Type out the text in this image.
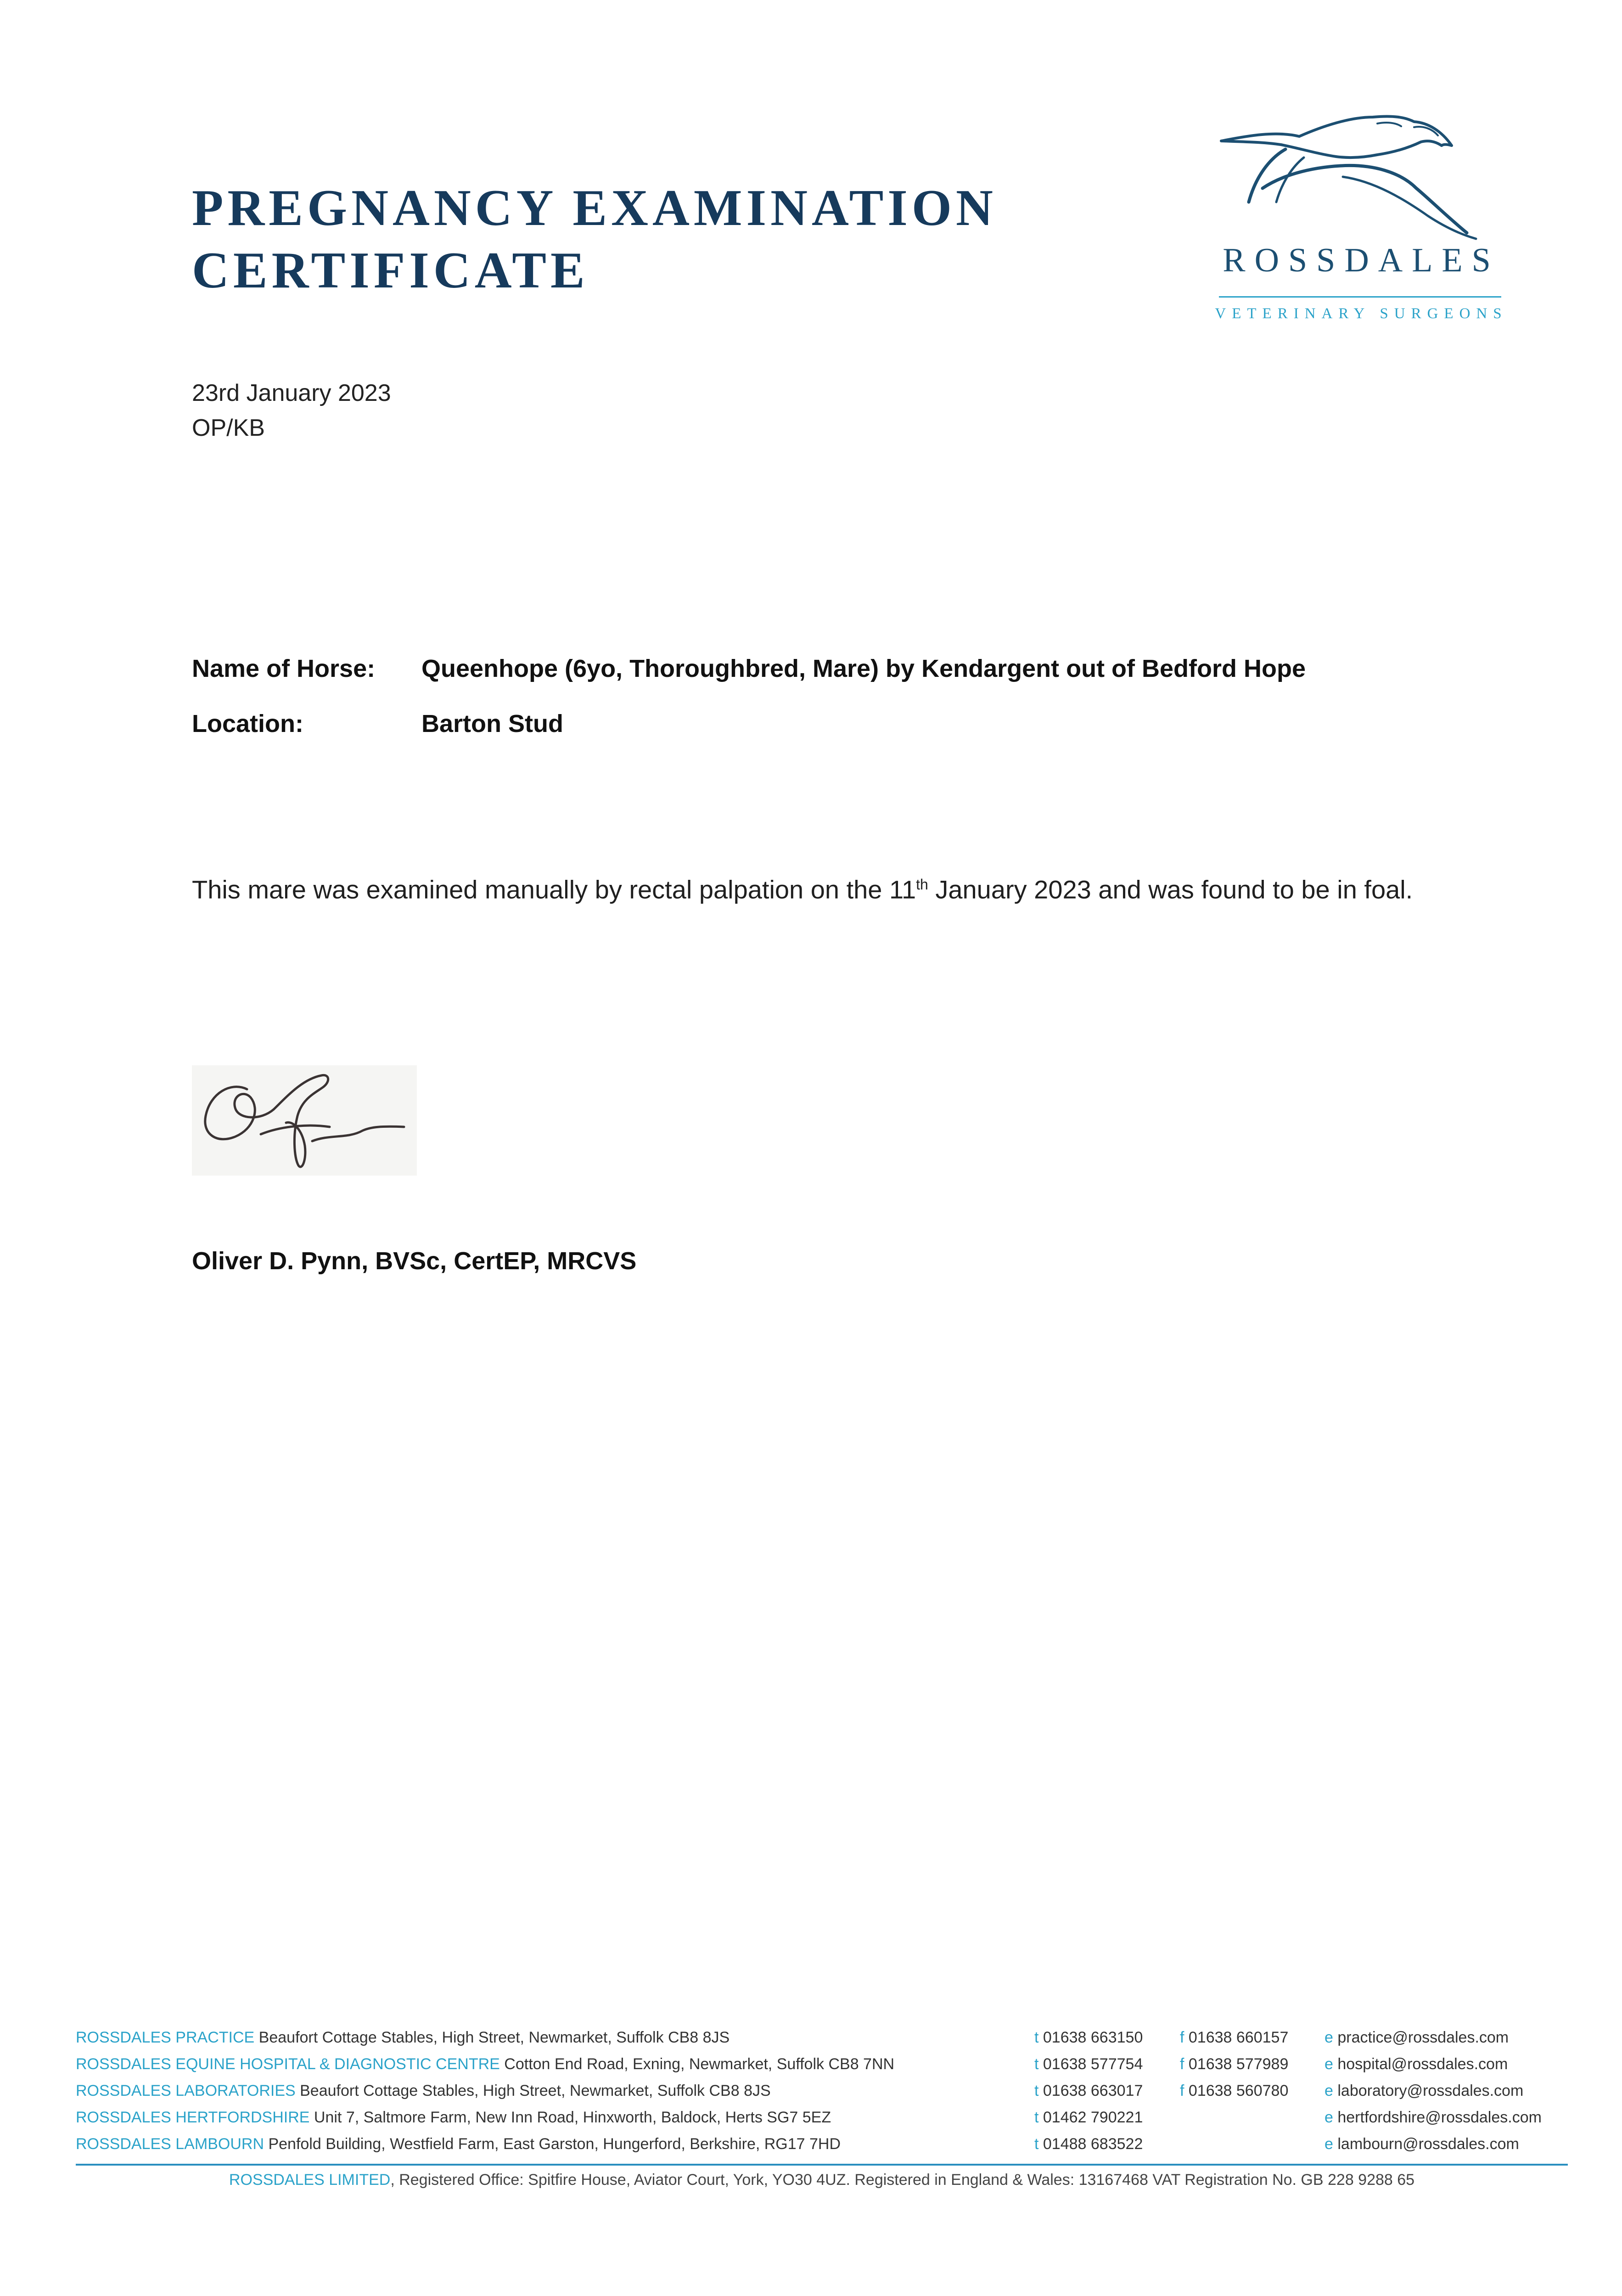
PREGNANCY EXAMINATION
CERTIFICATE	ROSSDALES
VETERINARY SURGEONS
23rd January 2023
OP/KB
Name of Horse: Queenhope (6yo, Thoroughbred, Mare) by Kendargent out of Bedford Hope
Location:	Barton Stud

This mare was examined manually by rectal palpation on the 11th January 2023 and was found to be in foal.

Oliver D. Pynn, BVSc, CertEP, MRCVS
ROSSDALES PRACTICE Beaufort Cottage Stables, High Street, Newmarket, Suffolk CB8 8JS	t 01638 663150 f 01638 660157 e practice@rossdales.com
ROSSDALES EQUINE HOSPITAL & DIAGNOSTIC CENTRE Cotton End Road, Exning, Newmarket, Suffolk CB8 7NN	t 01638 577754 f 01638 577989 e hospital@rossdales.com
ROSSDALES LABORATORIES Beaufort Cottage Stables, High Street, Newmarket, Suffolk CB8 8JS	t 01638 663017 f 01638 560780 e laboratory@rossdales.com
ROSSDALES HERTFORDSHIRE Unit 7, Saltmore Farm, New Inn Road, Hinxworth, Baldock, Herts SG7 5EZ	t 01462 790221	e hertfordshire@rossdales.com
ROSSDALES LAMBOURN Penfold Building, Westfield Farm, East Garston, Hungerford, Berkshire, RG17 7HD	t 01488 683522	e lambourn@rossdales.com
ROSSDALES LIMITED, Registered Office: Spitfire House, Aviator Court, York, YO30 4UZ. Registered in England & Wales: 13167468 VAT Registration No. GB 228 9288 65
